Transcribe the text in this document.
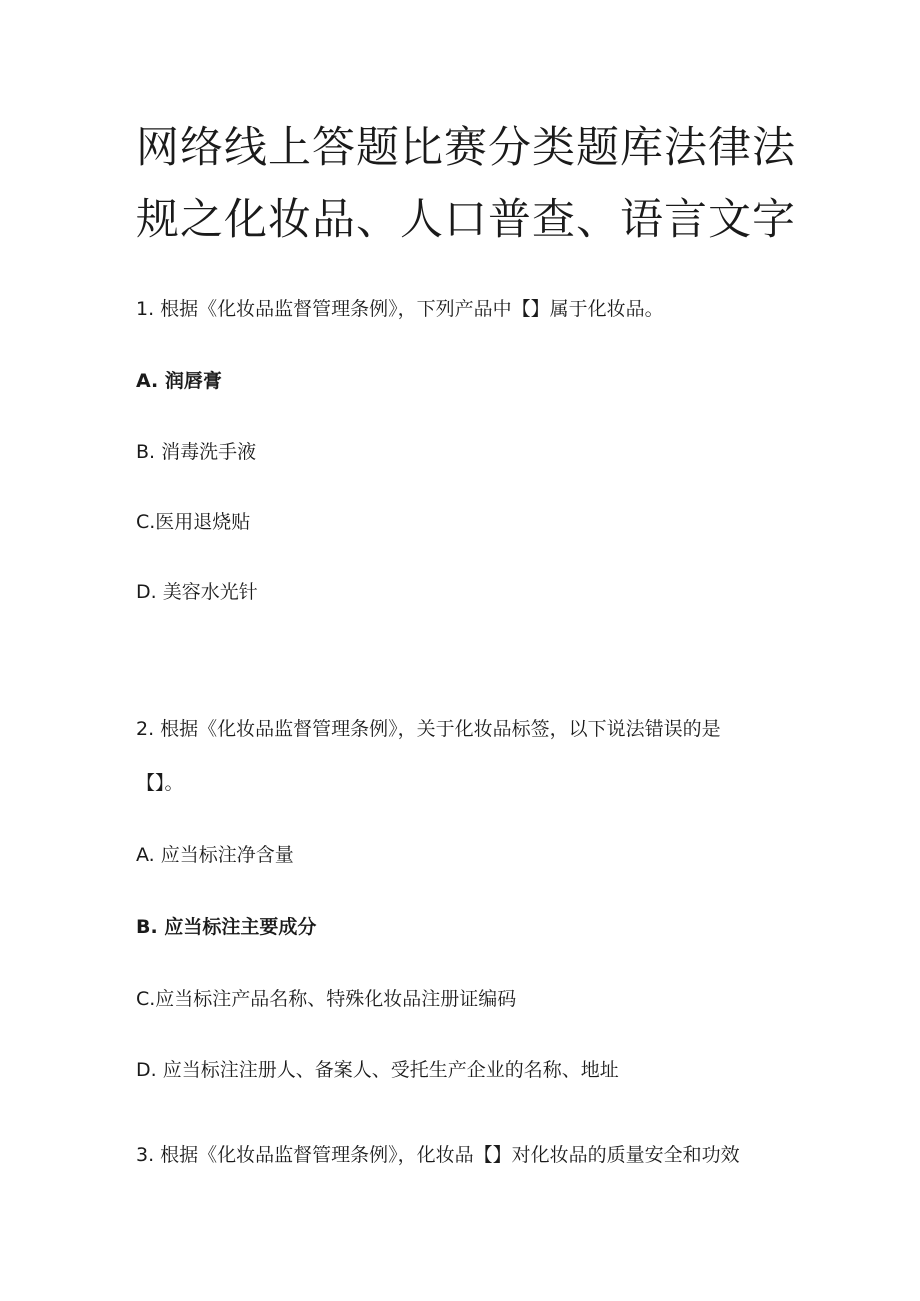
网络线上答题比赛分类题库法律法规之化妆品、人口普查、语言文字
1. 根据《化妆品监督管理条例》，下列产品中【】属于化妆品。
A. 润唇膏
B. 消毒洗手液
C.医用退烧贴
D. 美容水光针
2. 根据《化妆品监督管理条例》，关于化妆品标签，以下说法错误的是
【】。
A. 应当标注净含量
B. 应当标注主要成分
C.应当标注产品名称、特殊化妆品注册证编码
D. 应当标注注册人、备案人、受托生产企业的名称、地址
3. 根据《化妆品监督管理条例》，化妆品【】对化妆品的质量安全和功效
